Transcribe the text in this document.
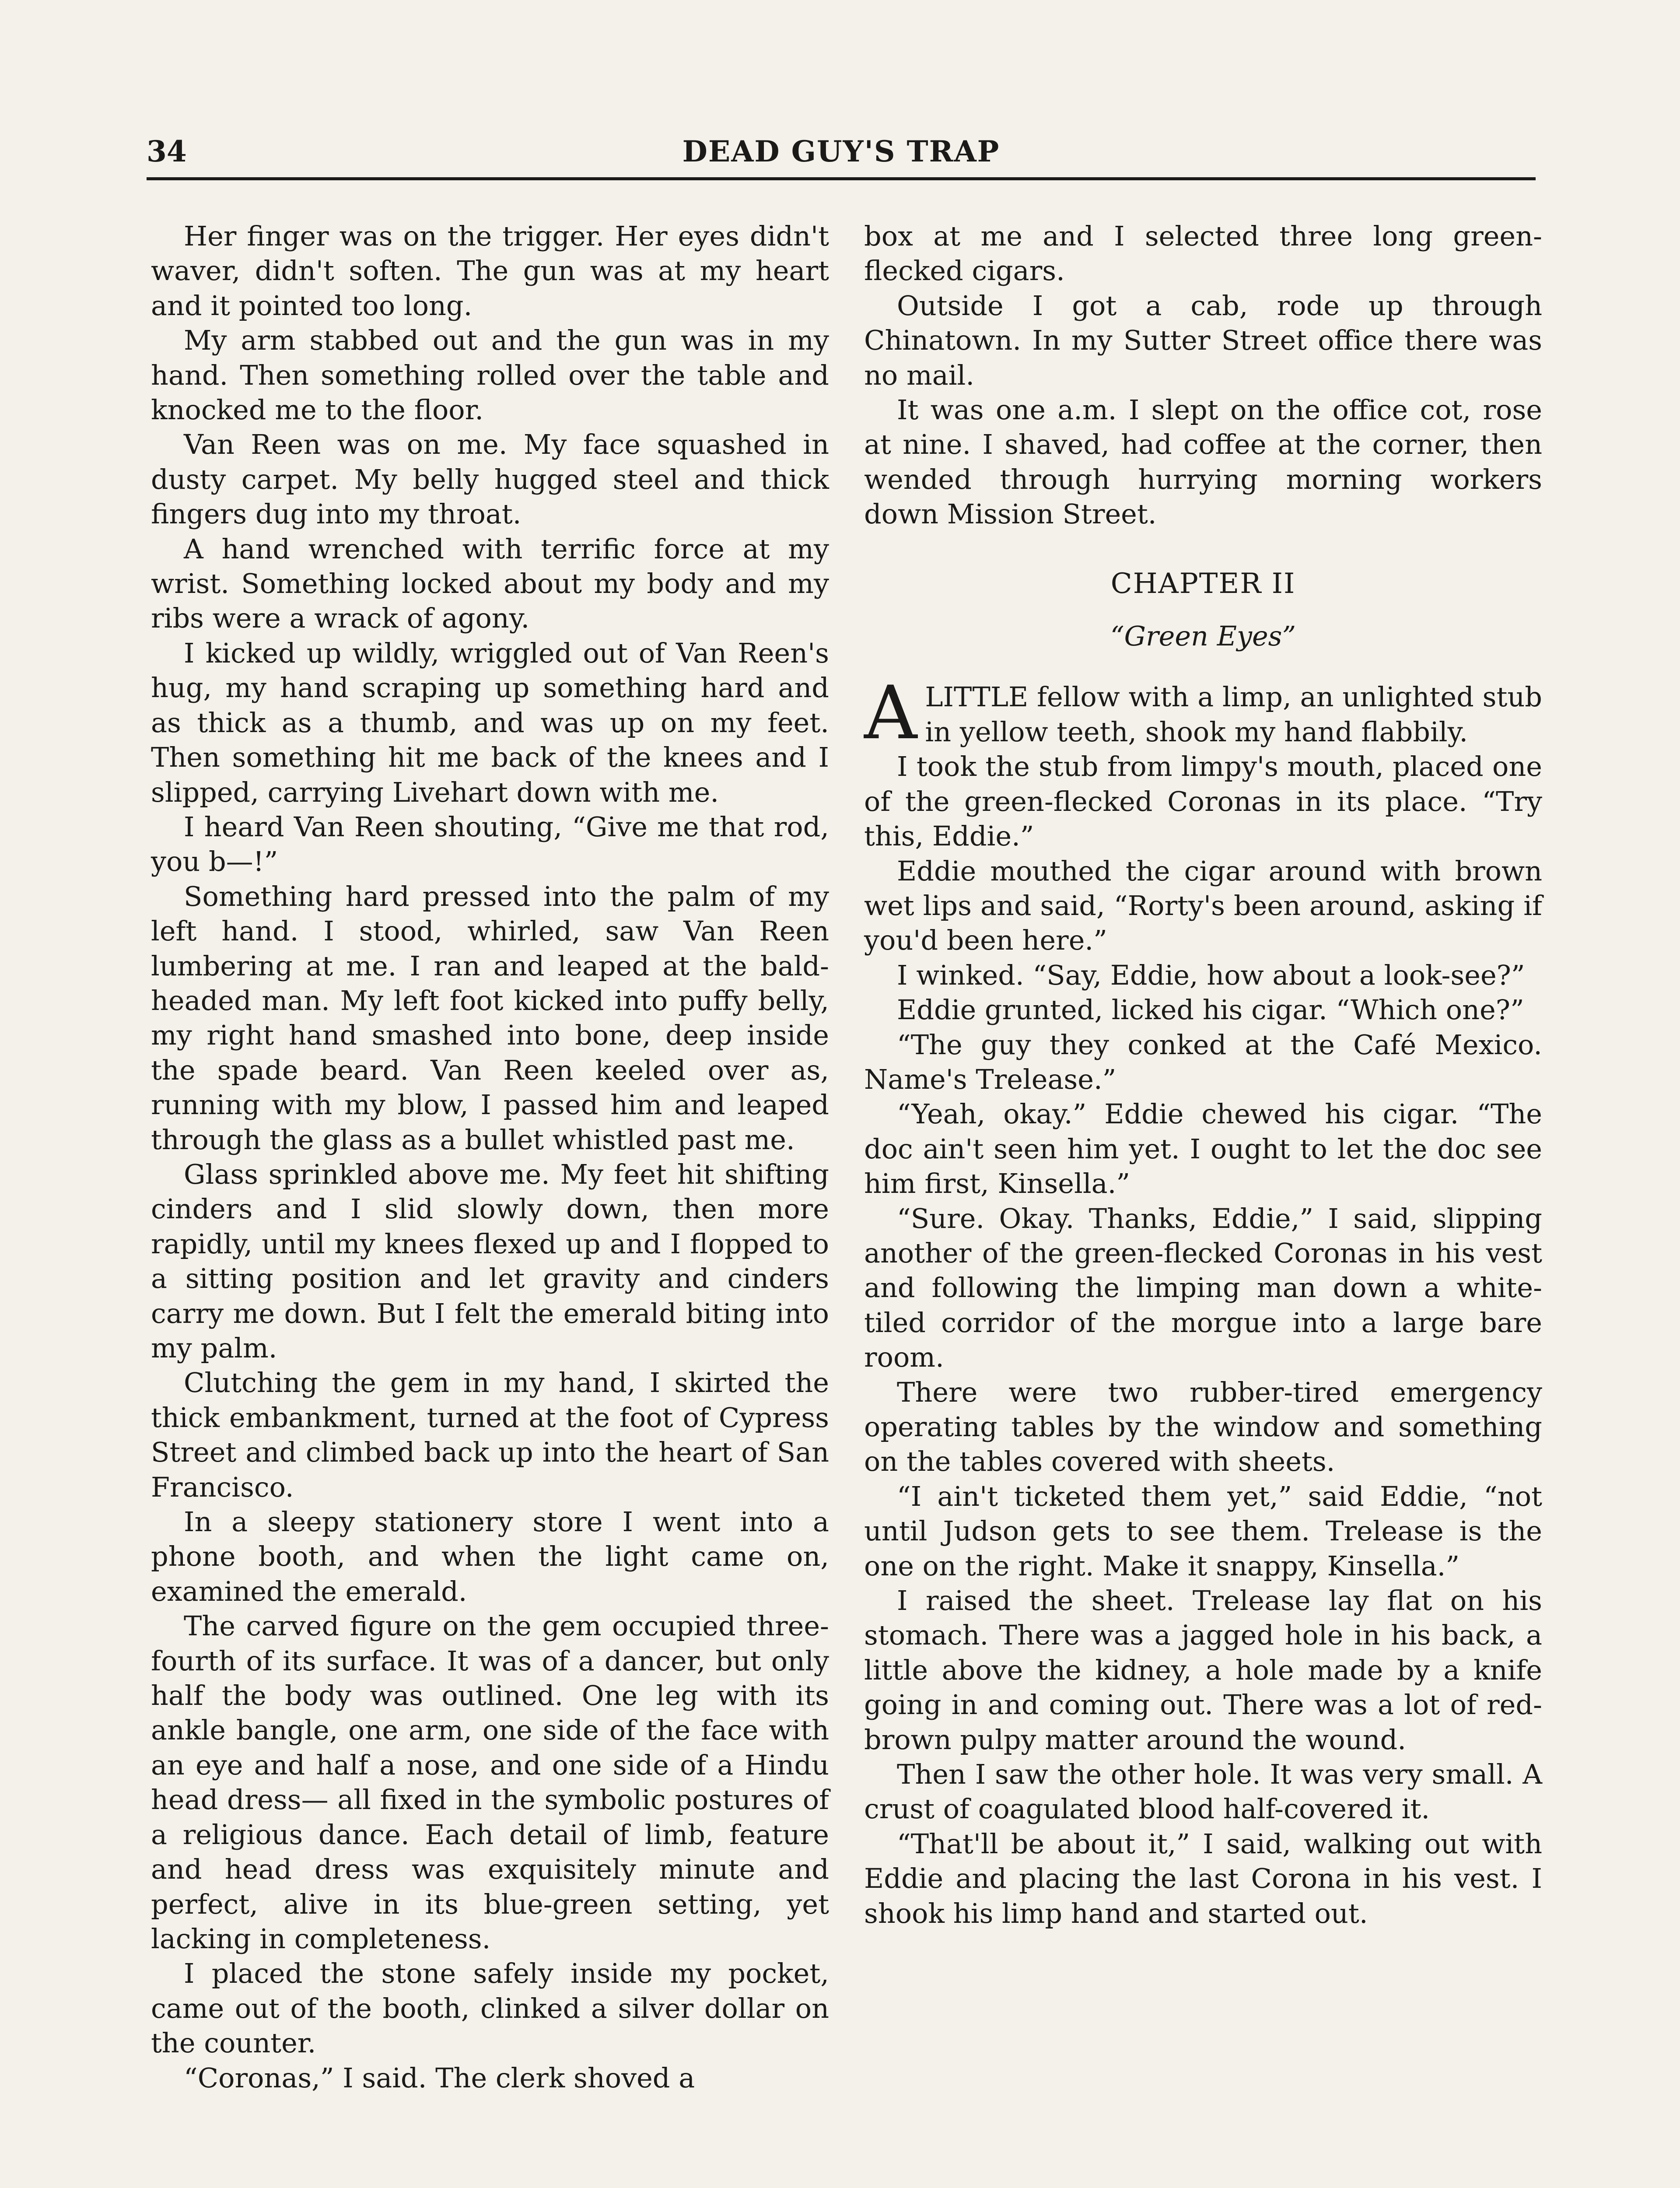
34	DEAD GUY'S TRAP

Her finger was on the trigger. Her eyes didn't waver, didn't soften. The gun was at my heart and it pointed too long.

My arm stabbed out and the gun was in my hand. Then something rolled over the table and knocked me to the floor.

Van Reen was on me. My face squashed in dusty carpet. My belly hugged steel and thick fingers dug into my throat.

A hand wrenched with terrific force at my wrist. Something locked about my body and my ribs were a wrack of agony.

I kicked up wildly, wriggled out of Van Reen's hug, my hand scraping up something hard and as thick as a thumb, and was up on my feet. Then something hit me back of the knees and I slipped, carrying Livehart down with me.

I heard Van Reen shouting, “Give me that rod, you b—!”

Something hard pressed into the palm of my left hand. I stood, whirled, saw Van Reen lumbering at me. I ran and leaped at the bald-headed man. My left foot kicked into puffy belly, my right hand smashed into bone, deep inside the spade beard. Van Reen keeled over as, running with my blow, I passed him and leaped through the glass as a bullet whistled past me.

Glass sprinkled above me. My feet hit shifting cinders and I slid slowly down, then more rapidly, until my knees flexed up and I flopped to a sitting position and let gravity and cinders carry me down. But I felt the emerald biting into my palm.

Clutching the gem in my hand, I skirted the thick embankment, turned at the foot of Cypress Street and climbed back up into the heart of San Francisco.

In a sleepy stationery store I went into a phone booth, and when the light came on, examined the emerald.

The carved figure on the gem occupied three-fourth of its surface. It was of a dancer, but only half the body was outlined. One leg with its ankle bangle, one arm, one side of the face with an eye and half a nose, and one side of a Hindu head dress— all fixed in the symbolic postures of a religious dance. Each detail of limb, feature and head dress was exquisitely minute and perfect, alive in its blue-green setting, yet lacking in completeness.

I placed the stone safely inside my pocket, came out of the booth, clinked a silver dollar on the counter.

“Coronas,” I said. The clerk shoved a

box at me and I selected three long green-flecked cigars.

Outside I got a cab, rode up through Chinatown. In my Sutter Street office there was no mail.

It was one a.m. I slept on the office cot, rose at nine. I shaved, had coffee at the corner, then wended through hurrying morning workers down Mission Street.

CHAPTER II
“Green Eyes”

ALITTLE fellow with a limp, an unlighted stub in yellow teeth, shook my hand flabbily.

I took the stub from limpy's mouth, placed one of the green-flecked Coronas in its place. “Try this, Eddie.”

Eddie mouthed the cigar around with brown wet lips and said, “Rorty's been around, asking if you'd been here.”

I winked. “Say, Eddie, how about a look-see?”

Eddie grunted, licked his cigar. “Which one?”

“The guy they conked at the Café Mexico. Name's Trelease.”

“Yeah, okay.” Eddie chewed his cigar. “The doc ain't seen him yet. I ought to let the doc see him first, Kinsella.”

“Sure. Okay. Thanks, Eddie,” I said, slipping another of the green-flecked Coronas in his vest and following the limping man down a white-tiled corridor of the morgue into a large bare room.

There were two rubber-tired emergency operating tables by the window and something on the tables covered with sheets.

“I ain't ticketed them yet,” said Eddie, “not until Judson gets to see them. Trelease is the one on the right. Make it snappy, Kinsella.”

I raised the sheet. Trelease lay flat on his stomach. There was a jagged hole in his back, a little above the kidney, a hole made by a knife going in and coming out. There was a lot of red-brown pulpy matter around the wound.

Then I saw the other hole. It was very small. A crust of coagulated blood half-covered it.

“That'll be about it,” I said, walking out with Eddie and placing the last Corona in his vest. I shook his limp hand and started out.
